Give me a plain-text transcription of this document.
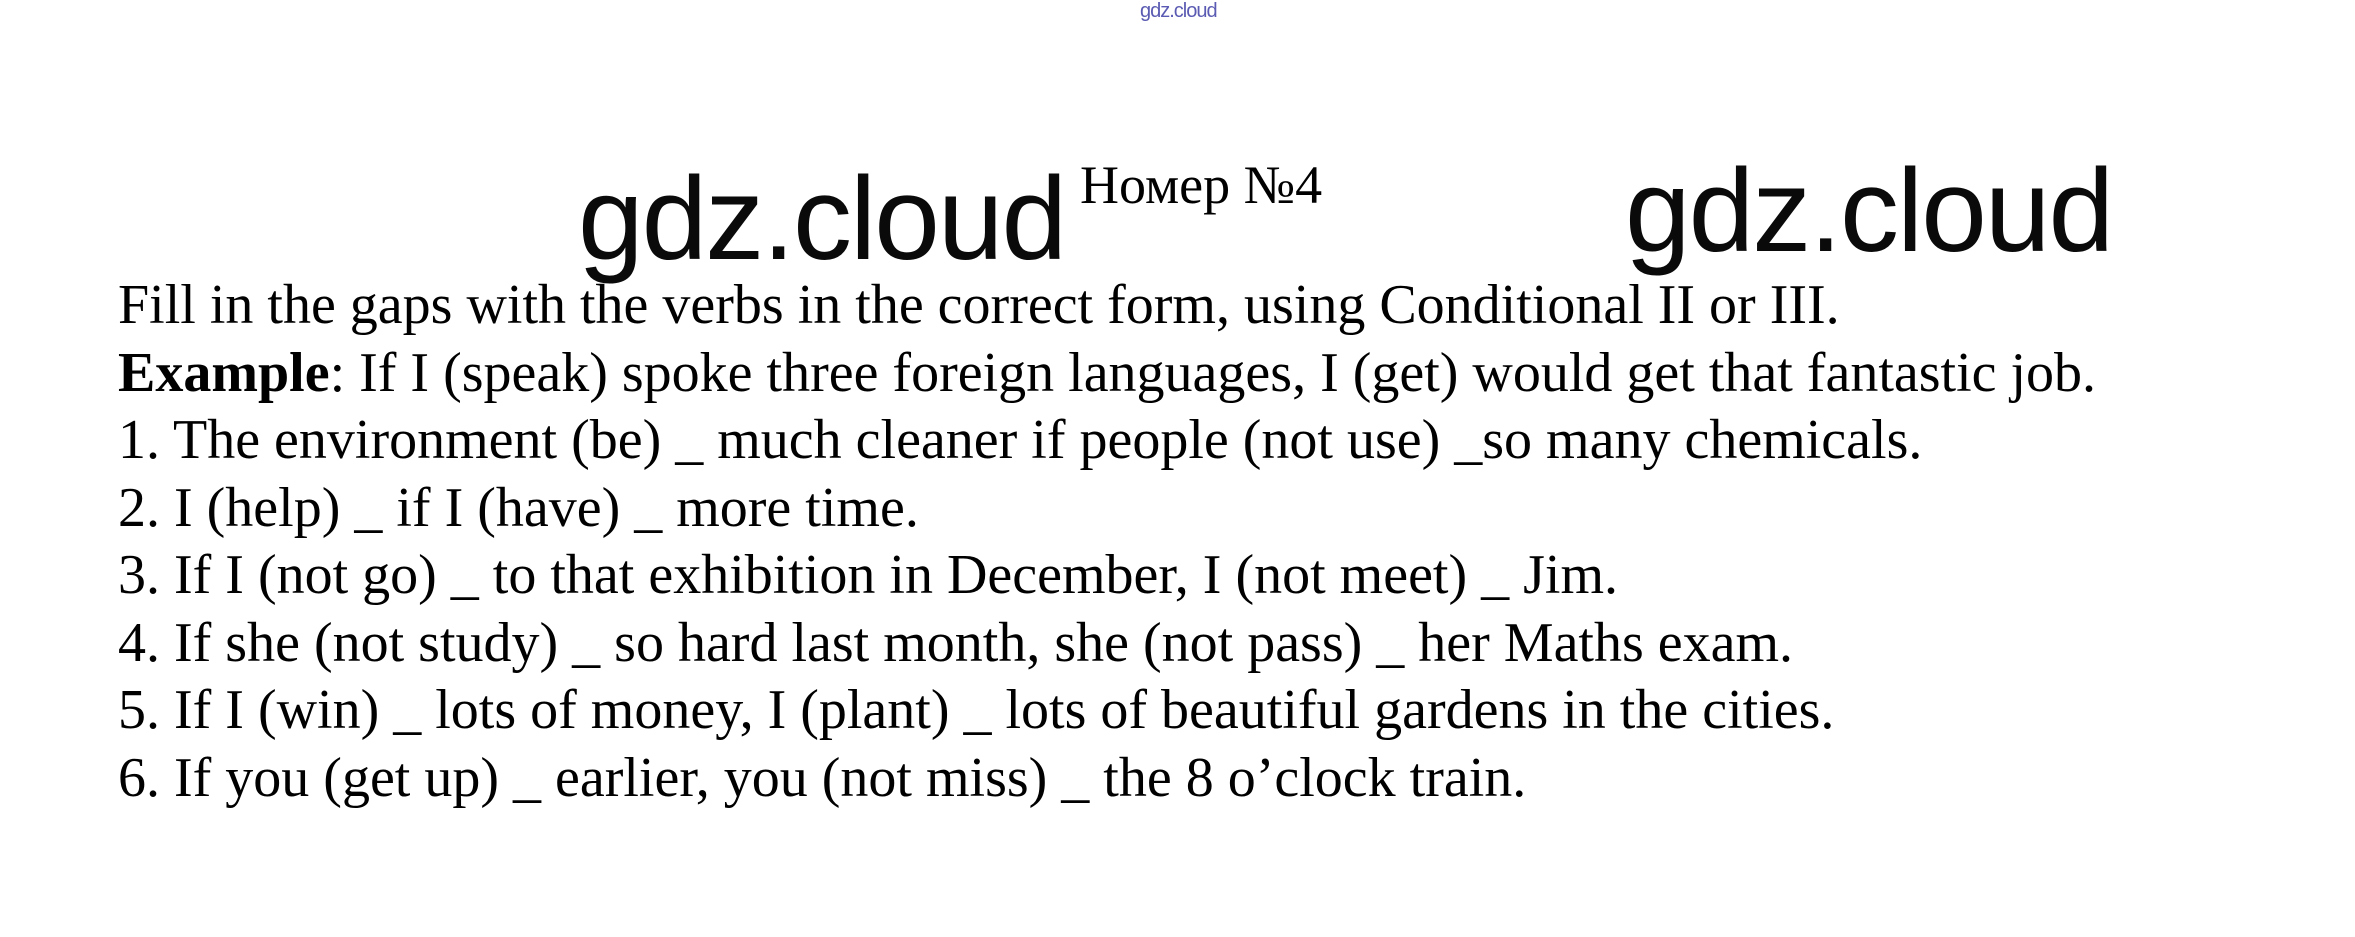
gdz.cloud
gdz.cloud Номер №4	gdz.cloud
Fill in the gaps with the verbs in the correct form, using Conditional II or III.
Example: If I (speak) spoke three foreign languages, I (get) would get that fantastic job.
1. The environment (be) _ much cleaner if people (not use) _so many chemicals.
2. I (help) _ if I (have) _ more time.
3. If I (not go) _ to that exhibition in December, I (not meet) _ Jim.
4. If she (not study) _ so hard last month, she (not pass) _ her Maths exam.
5. If I (win) _ lots of money, I (plant) _ lots of beautiful gardens in the cities.
6. If you (get up) _ earlier, you (not miss) _ the 8 o’clock train.
